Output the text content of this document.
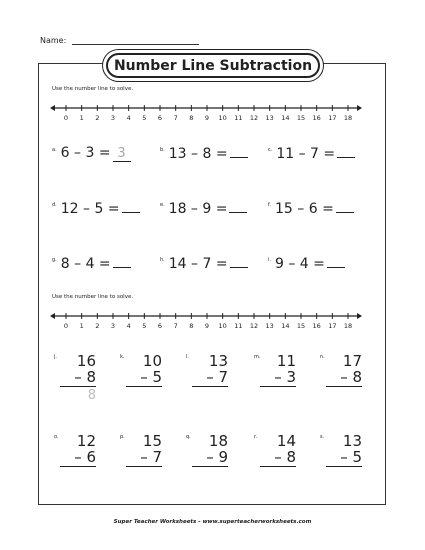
Name:
Number Line Subtraction
Use the number line to solve.
0 1 2 3 4 5 6 7 8 9 10 11 12 13 14 15 16 17 18
$^{a.}$ 6 – 3 = 3	$^{b.}$ 13 – 8 =	$^{c.}$ 11 – 7 =
$^{d.}$ 12 – 5 =	$^{e.}$ 18 – 9 =	$^{f.}$ 15 – 6 =
$^{g.}$ 8 – 4 =	$^{h.}$ 14 – 7 =	$^{i.}$ 9 – 4 =
Use the number line to solve.
0 1 2 3 4 5 6 7 8 9 10 11 12 13 14 15 16 17 18
j.	16
– 8
8
k.	10
– 5
l.	13
– 7
m.	11
– 3
n.	17
– 8
o.	12
– 6
p.	15
– 7
q.	18
– 9
r.	14
– 8
s.	13
– 5
Super Teacher Worksheets - www.superteacherworksheets.com
